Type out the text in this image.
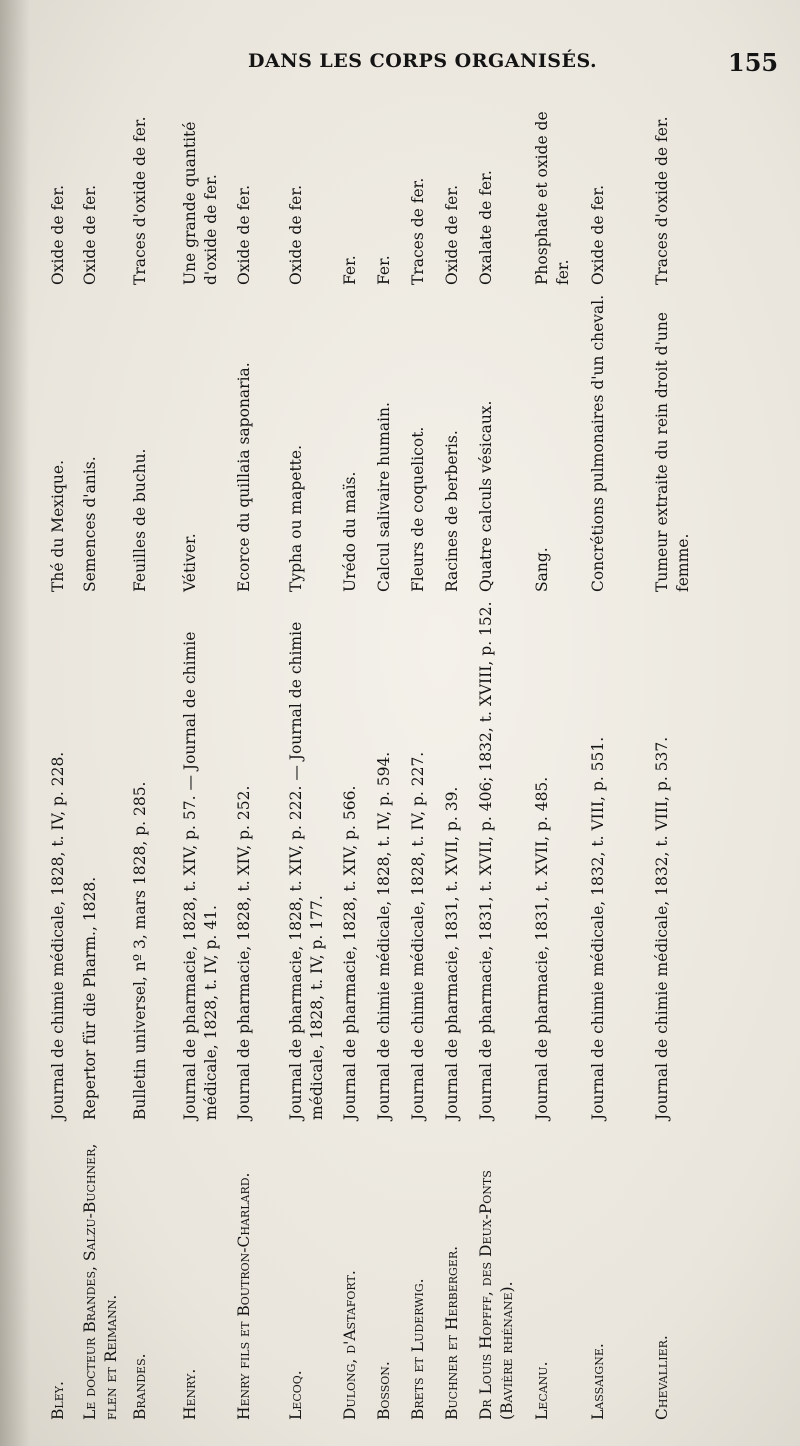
DANS LES CORPS ORGANISÉS.	155
Bley.
Journal de chimie médicale, 1828, t. IV, p. 228.
Thé du Mexique.
Oxide de fer.
Le docteur Brandes, Salzu-Buchner, flen et Reimann.
Repertor für die Pharm., 1828.
Semences d'anis.
Oxide de fer.
Brandes.
Bulletin universel, nº 3, mars 1828, p. 285.
Feuilles de buchu.
Traces d'oxide de fer.
Henry.
Journal de pharmacie, 1828, t. XIV, p. 57. — Journal de chimie médicale, 1828, t. IV, p. 41.
Vétiver.
Une grande quantité d'oxide de fer.
Henry fils et Boutron-Charlard.
Journal de pharmacie, 1828, t. XIV, p. 252.
Ecorce du quillaia saponaria.
Oxide de fer.
Lecoq.
Journal de pharmacie, 1828, t. XIV, p. 222. — Journal de chimie médicale, 1828, t. IV, p. 177.
Typha ou mapette.
Oxide de fer.
Dulong, d'Astafort.
Journal de pharmacie, 1828, t. XIV, p. 566.
Urédo du maïs.
Fer.
Bosson.
Journal de chimie médicale, 1828, t. IV, p. 594.
Calcul salivaire humain.
Fer.
Brets et Luderwig.
Journal de chimie médicale, 1828, t. IV, p. 227.
Fleurs de coquelicot.
Traces de fer.
Buchner et Herberger.
Journal de pharmacie, 1831, t. XVII, p. 39.
Racines de berberis.
Oxide de fer.
Dr Louis Hopfff, des Deux-Ponts (Bavière rhénane).
Journal de pharmacie, 1831, t. XVII, p. 406; 1832, t. XVIII, p. 152.
Quatre calculs vésicaux.
Oxalate de fer.
Lecanu.
Journal de pharmacie, 1831, t. XVII, p. 485.
Sang.
Phosphate et oxide de fer.
Lassaigne.
Journal de chimie médicale, 1832, t. VIII, p. 551.
Concrétions pulmonaires d'un cheval.
Oxide de fer.
Chevallier.
Journal de chimie médicale, 1832, t. VIII, p. 537.
Tumeur extraite du rein droit d'une femme.
Traces d'oxide de fer.
